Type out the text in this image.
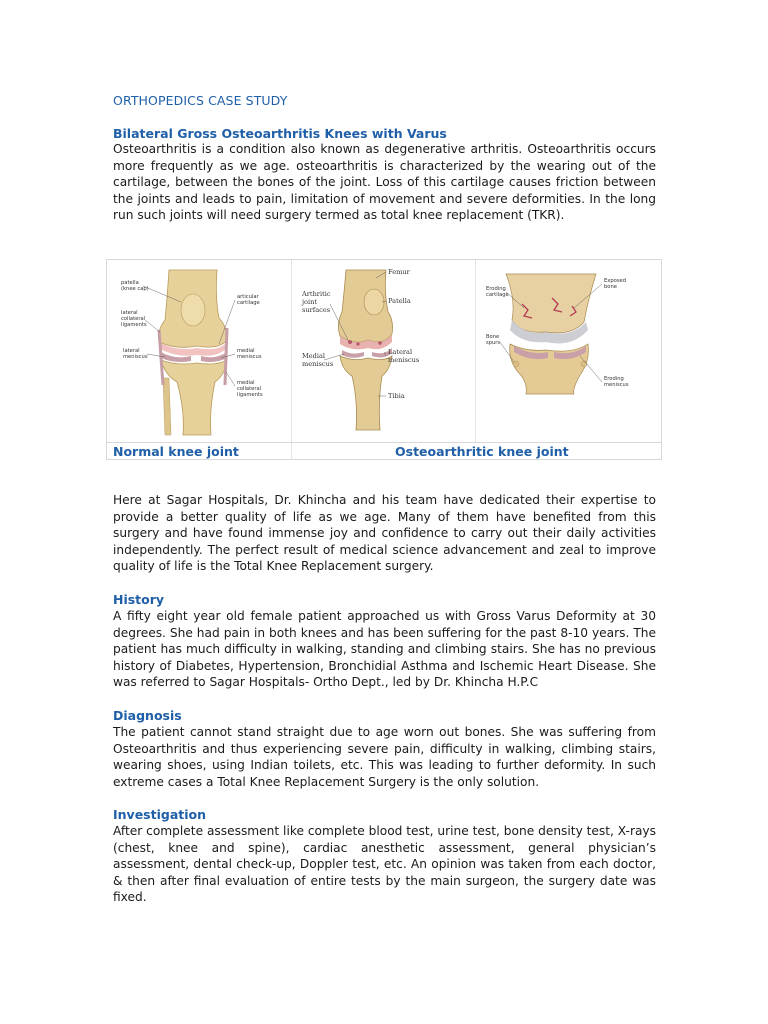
ORTHOPEDICS CASE STUDY
Bilateral Gross Osteoarthritis Knees with Varus

Osteoarthritis is a condition also known as degenerative arthritis. Osteoarthritis occurs more frequently as we age. osteoarthritis is characterized by the wearing out of the cartilage, between the bones of the joint. Loss of this cartilage causes friction between the joints and leads to pain, limitation of movement and severe deformities. In the long run such joints will need surgery termed as total knee replacement (TKR).

patella
(knee cap)
articular
cartilage
lateral
collateral
ligaments
lateral
meniscus
medial
meniscus
medial
collateral
ligaments
Femur
Arthritic
joint
surfaces
Patella
Medial
meniscus
Lateral
meniscus
Tibia
Exposed
bone
Eroding
cartilage
Bone
spurs
Eroding
meniscus
Normal knee joint	Osteoarthritic knee joint

Here at Sagar Hospitals, Dr. Khincha and his team have dedicated their expertise to provide a better quality of life as we age. Many of them have benefited from this surgery and have found immense joy and confidence to carry out their daily activities independently. The perfect result of medical science advancement and zeal to improve quality of life is the Total Knee Replacement surgery.

History

A fifty eight year old female patient approached us with Gross Varus Deformity at 30 degrees. She had pain in both knees and has been suffering for the past 8-10 years. The patient has much difficulty in walking, standing and climbing stairs. She has no previous history of Diabetes, Hypertension, Bronchidial Asthma and Ischemic Heart Disease. She was referred to Sagar Hospitals- Ortho Dept., led by Dr. Khincha H.P.C

Diagnosis

The patient cannot stand straight due to age worn out bones. She was suffering from Osteoarthritis and thus experiencing severe pain, difficulty in walking, climbing stairs, wearing shoes, using Indian toilets, etc. This was leading to further deformity. In such extreme cases a Total Knee Replacement Surgery is the only solution.

Investigation

After complete assessment like complete blood test, urine test, bone density test, X-rays (chest, knee and spine), cardiac anesthetic assessment, general physician’s assessment, dental check-up, Doppler test, etc. An opinion was taken from each doctor, & then after final evaluation of entire tests by the main surgeon, the surgery date was fixed.
